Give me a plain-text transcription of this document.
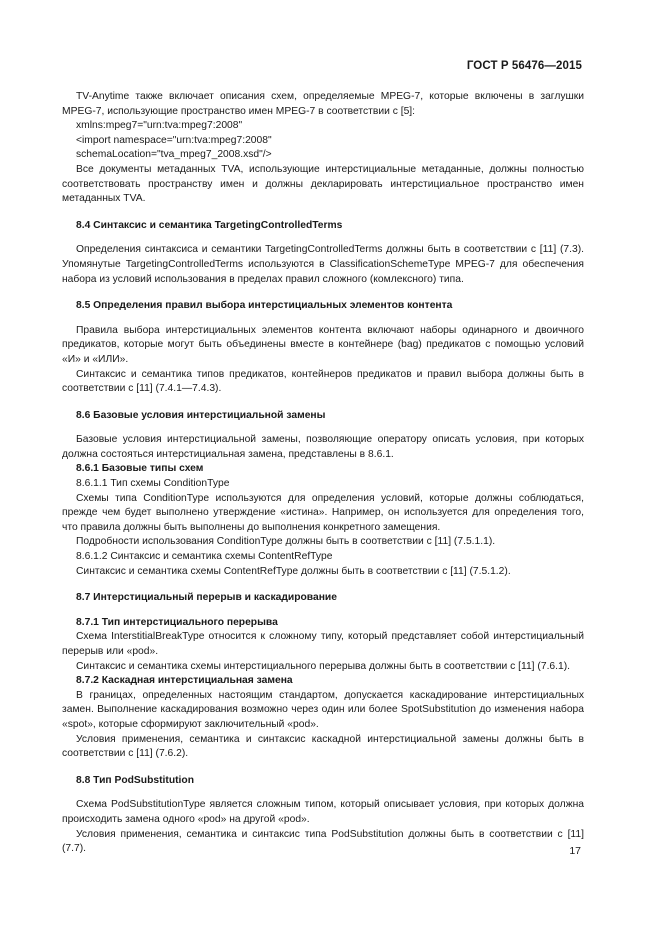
ГОСТ Р 56476—2015

TV-Anytime также включает описания схем, определяемые MPEG-7, которые включены в заглушки MPEG-7, использующие пространство имен MPEG-7 в соответствии с [5]:

xmlns:mpeg7="urn:tva:mpeg7:2008"

<import namespace="urn:tva:mpeg7:2008"

schemaLocation="tva_mpeg7_2008.xsd"/>

Все документы метаданных TVA, использующие интерстициальные метаданные, должны полностью соответствовать пространству имен и должны декларировать интерстициальное пространство имен метаданных TVA.

8.4 Синтаксис и семантика TargetingControlledTerms

Определения синтаксиса и семантики TargetingControlledTerms должны быть в соответствии с [11] (7.3). Упомянутые TargetingControlledTerms используются в ClassificationSchemeType MPEG-7 для обеспечения набора из условий использования в пределах правил сложного (комлексного) типа.

8.5 Определения правил выбора интерстициальных элементов контента

Правила выбора интерстициальных элементов контента включают наборы одинарного и двоичного предикатов, которые могут быть объединены вместе в контейнере (bag) предикатов с помощью условий «И» и «ИЛИ».

Синтаксис и семантика типов предикатов, контейнеров предикатов и правил выбора должны быть в соответствии с [11] (7.4.1—7.4.3).

8.6 Базовые условия интерстициальной замены

Базовые условия интерстициальной замены, позволяющие оператору описать условия, при которых должна состояться интерстициальная замена, представлены в 8.6.1.

8.6.1 Базовые типы схем

8.6.1.1 Тип схемы ConditionType

Схемы типа ConditionType используются для определения условий, которые должны соблюдаться, прежде чем будет выполнено утверждение «истина». Например, он используется для определения того, что правила должны быть выполнены до выполнения конкретного замещения.

Подробности использования ConditionType должны быть в соответствии с [11] (7.5.1.1).

8.6.1.2 Синтаксис и семантика схемы ContentRefType

Синтаксис и семантика схемы ContentRefType должны быть в соответствии с [11] (7.5.1.2).

8.7 Интерстициальный перерыв и каскадирование

8.7.1 Тип интерстициального перерыва

Схема InterstitialBreakType относится к сложному типу, который представляет собой интерстициальный перерыв или «pod».

Синтаксис и семантика схемы интерстициального перерыва должны быть в соответствии с [11] (7.6.1).

8.7.2 Каскадная интерстициальная замена

В границах, определенных настоящим стандартом, допускается каскадирование интерстициальных замен. Выполнение каскадирования возможно через один или более SpotSubstitution до изменения набора «spot», которые сформируют заключительный «pod».

Условия применения, семантика и синтаксис каскадной интерстициальной замены должны быть в соответствии с [11] (7.6.2).

8.8 Тип PodSubstitution

Схема PodSubstitutionType является сложным типом, который описывает условия, при которых должна происходить замена одного «pod» на другой «pod».

Условия применения, семантика и синтаксис типа PodSubstitution должны быть в соответствии с [11] (7.7).	17
